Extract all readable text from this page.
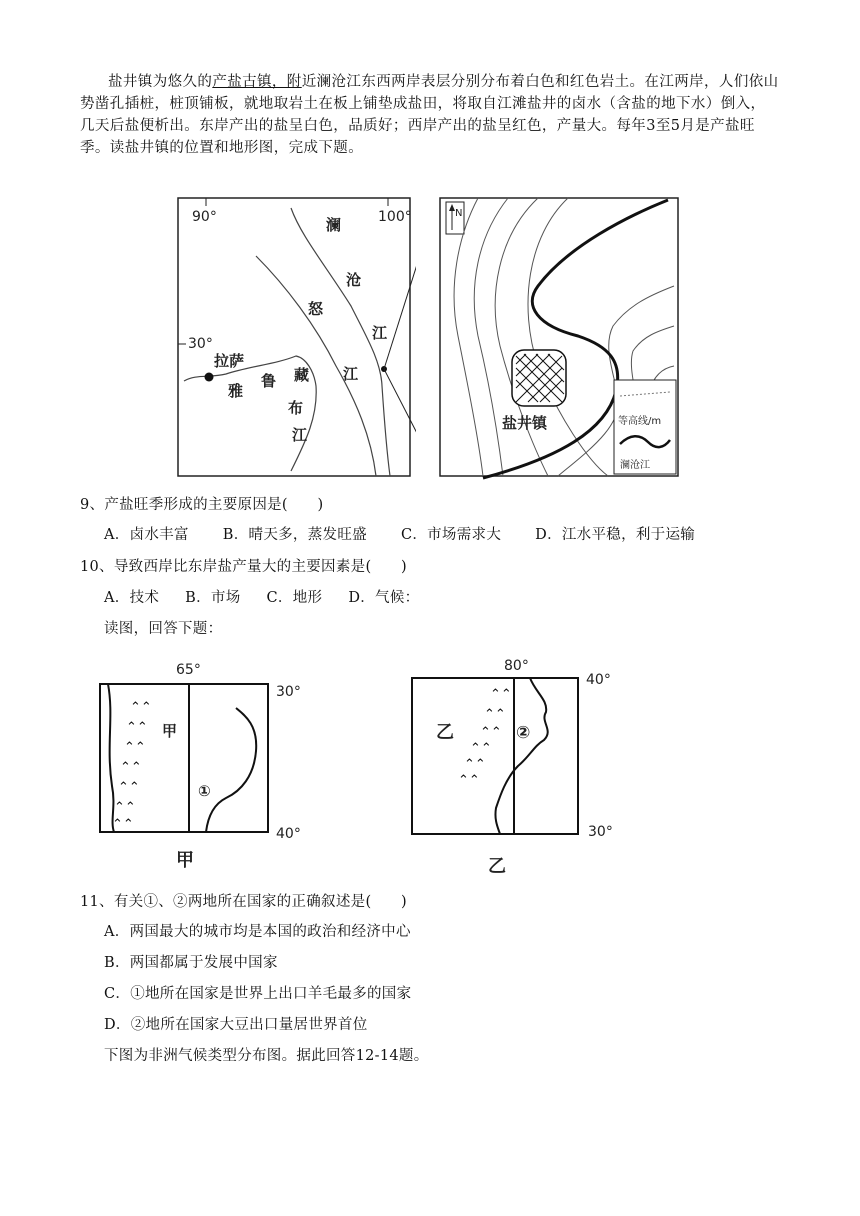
盐井镇为悠久的产盐古镇，附近澜沧江东西两岸表层分别分布着白色和红色岩土。在江两岸，人们依山势凿孔插桩，桩顶铺板，就地取岩土在板上铺垫成盐田，将取自江滩盐井的卤水（含盐的地下水）倒入，几天后盐便析出。东岸产出的盐呈白色，品质好；西岸产出的盐呈红色，产量大。每年3至5月是产盐旺季。读盐井镇的位置和地形图，完成下题。

90°	100°
30°
澜
沧
江
怒
江
拉萨
雅
鲁 藏
布
江
N
盐井镇	等高线/m
澜沧江
9、产盐旺季形成的主要原因是(　　)
A．卤水丰富 B．晴天多，蒸发旺盛 C．市场需求大 D．江水平稳，利于运输
10、导致西岸比东岸盐产量大的主要因素是(　　)
A．技术 B．市场 C．地形 D．气候：
读图，回答下题：
65°
30°
40°
⌃⌃
⌃⌃
⌃⌃
⌃⌃
⌃⌃
⌃⌃
⌃⌃
甲
①
甲
80°
40°
30°
⌃⌃
⌃⌃
⌃⌃
⌃⌃
⌃⌃
⌃⌃
乙	②
乙
11、有关①、②两地所在国家的正确叙述是(　　)
A．两国最大的城市均是本国的政治和经济中心
B．两国都属于发展中国家
C．①地所在国家是世界上出口羊毛最多的国家
D．②地所在国家大豆出口量居世界首位
下图为非洲气候类型分布图。据此回答12-14题。
